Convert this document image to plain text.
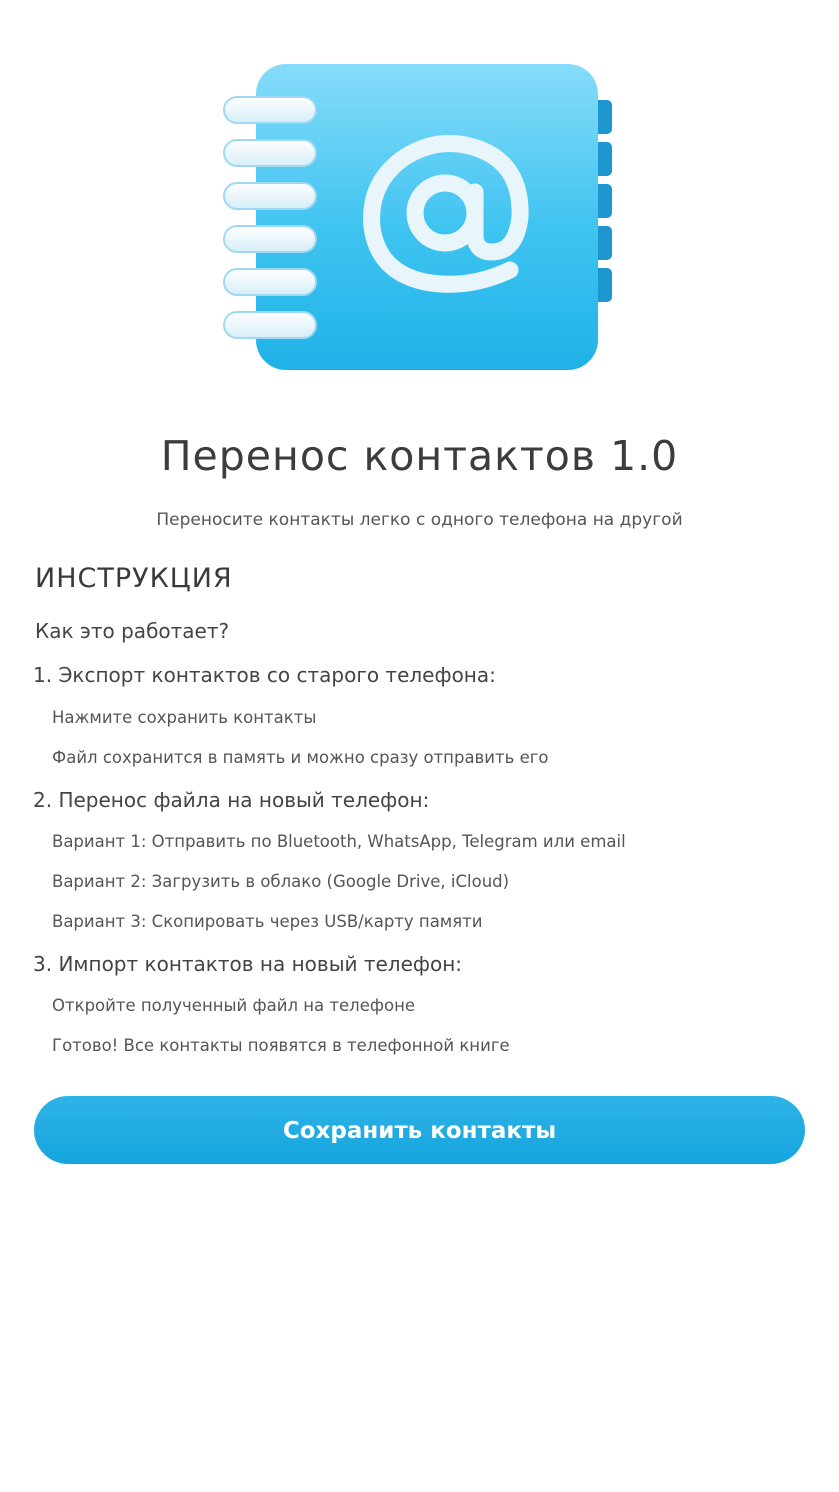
Перенос контактов 1.0
Переносите контакты легко с одного телефона на другой
ИНСТРУКЦИЯ
Как это работает?
1. Экспорт контактов со старого телефона:
Нажмите сохранить контакты
Файл сохранится в память и можно сразу отправить его
2. Перенос файла на новый телефон:
Вариант 1: Отправить по Bluetooth, WhatsApp, Telegram или email
Вариант 2: Загрузить в облако (Google Drive, iCloud)
Вариант 3: Скопировать через USB/карту памяти
3. Импорт контактов на новый телефон:
Откройте полученный файл на телефоне
Готово! Все контакты появятся в телефонной книге
Сохранить контакты
